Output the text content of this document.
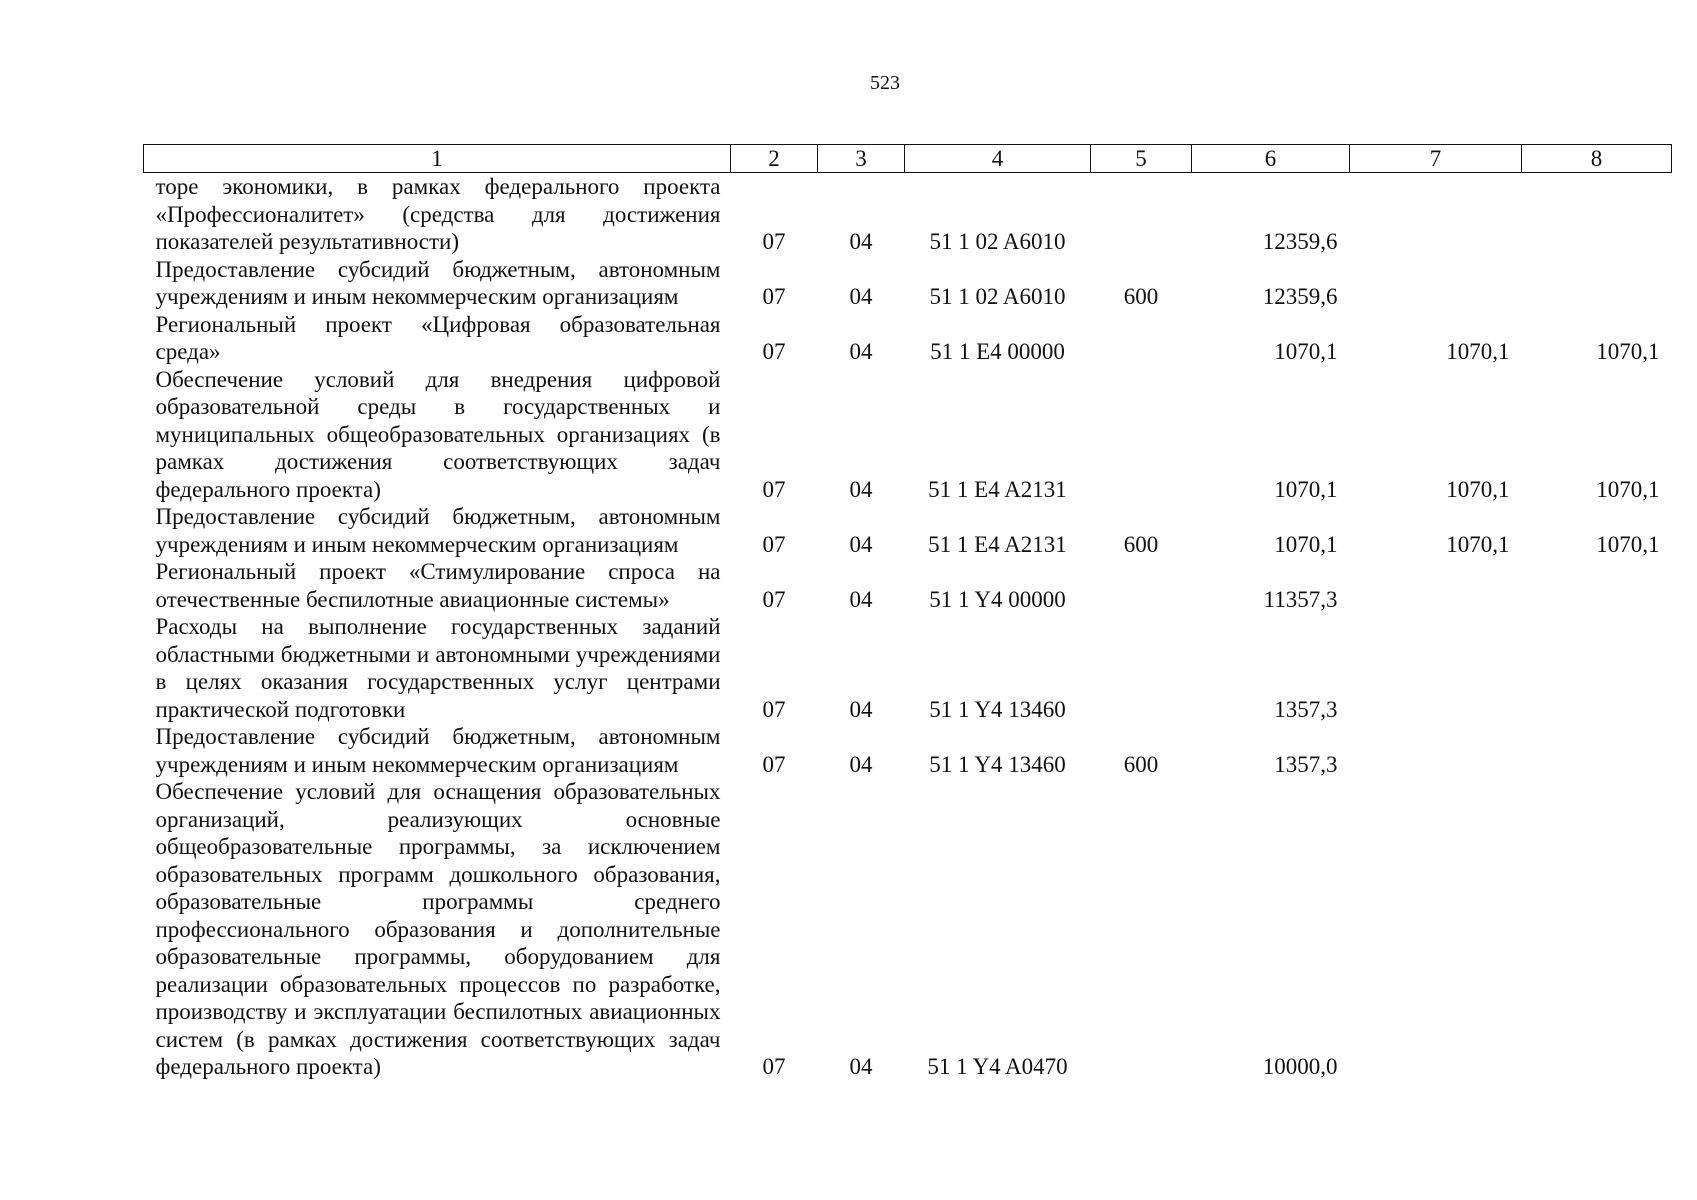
523
1	2	3	4	5	6	7	8
торе экономики, в рамках федерального проекта «Профессионалитет» (средства для достижения показателей результативности)	07	04	51 1 02 A6010		12359,6		
Предоставление субсидий бюджетным, автономным учреждениям и иным некоммерческим организациям	07	04	51 1 02 A6010	600	12359,6		
Региональный проект «Цифровая образовательная среда»	07	04	51 1 E4 00000		1070,1	1070,1	1070,1
Обеспечение условий для внедрения цифровой образовательной среды в государственных и муниципальных общеобразовательных организациях (в рамках достижения соответствующих задач федерального проекта)	07	04	51 1 E4 A2131		1070,1	1070,1	1070,1
Предоставление субсидий бюджетным, автономным учреждениям и иным некоммерческим организациям	07	04	51 1 E4 A2131	600	1070,1	1070,1	1070,1
Региональный проект «Стимулирование спроса на отечественные беспилотные авиационные системы»	07	04	51 1 Y4 00000		11357,3		
Расходы на выполнение государственных заданий областными бюджетными и автономными учреждениями в целях оказания государственных услуг центрами практической подготовки	07	04	51 1 Y4 13460		1357,3		
Предоставление субсидий бюджетным, автономным учреждениям и иным некоммерческим организациям	07	04	51 1 Y4 13460	600	1357,3		
Обеспечение условий для оснащения образовательных организаций, реализующих основные общеобразовательные программы, за исключением образовательных программ дошкольного образования, образовательные программы среднего профессионального образования и дополнительные образовательные программы, оборудованием для реализации образовательных процессов по разработке, производству и эксплуатации беспилотных авиационных систем (в рамках достижения соответствующих задач федерального проекта)	07	04	51 1 Y4 A0470		10000,0		
